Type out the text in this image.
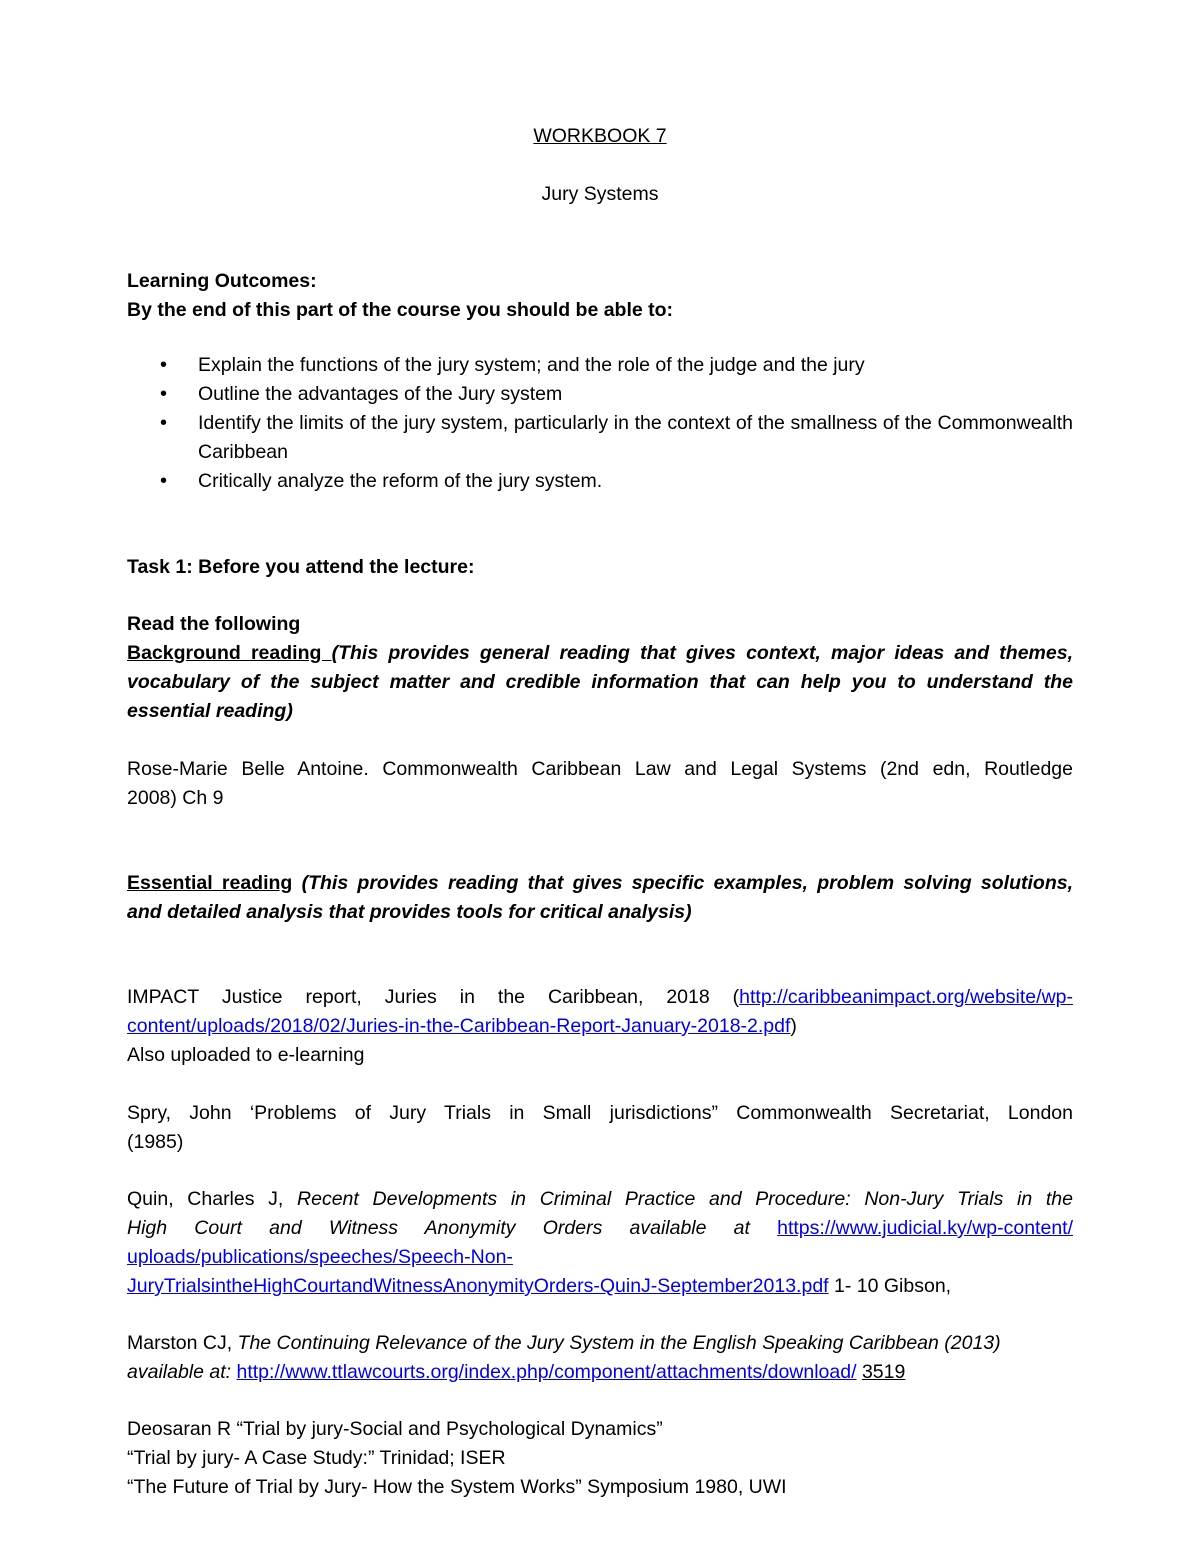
WORKBOOK 7
Jury Systems
Learning Outcomes:
By the end of this part of the course you should be able to:
• Explain the functions of the jury system; and the role of the judge and the jury
• Outline the advantages of the Jury system
• Identify the limits of the jury system, particularly in the context of the smallness of the Commonwealth Caribbean
• Critically analyze the reform of the jury system.
Task 1: Before you attend the lecture:
Read the following
Background reading (This provides general reading that gives context, major ideas and themes,
vocabulary of the subject matter and credible information that can help you to understand the
essential reading)
Rose-Marie Belle Antoine. Commonwealth Caribbean Law and Legal Systems (2nd edn, Routledge
2008) Ch 9
Essential reading (This provides reading that gives specific examples, problem solving solutions,
and detailed analysis that provides tools for critical analysis)
IMPACT Justice report, Juries in the Caribbean, 2018 (http://caribbeanimpact.org/website/wp-
content/uploads/2018/02/Juries-in-the-Caribbean-Report-January-2018-2.pdf)
Also uploaded to e-learning
Spry, John ‘Problems of Jury Trials in Small jurisdictions” Commonwealth Secretariat, London
(1985)
Quin, Charles J, Recent Developments in Criminal Practice and Procedure: Non-Jury Trials in the
High Court and Witness Anonymity Orders available at https://www.judicial.ky/wp-content/
uploads/publications/speeches/Speech-Non-
JuryTrialsintheHighCourtandWitnessAnonymityOrders-QuinJ-September2013.pdf 1- 10 Gibson,
Marston CJ, The Continuing Relevance of the Jury System in the English Speaking Caribbean (2013)
available at: http://www.ttlawcourts.org/index.php/component/attachments/download/ 3519
Deosaran R “Trial by jury-Social and Psychological Dynamics”
“Trial by jury- A Case Study:” Trinidad; ISER
“The Future of Trial by Jury- How the System Works” Symposium 1980, UWI
